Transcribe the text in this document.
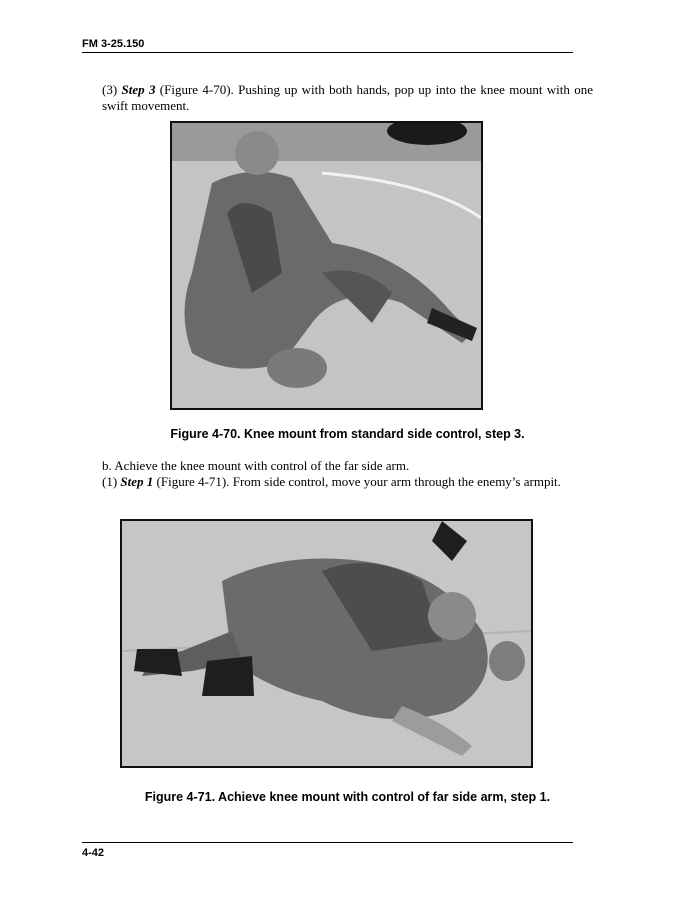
FM 3-25.150
(3) Step 3 (Figure 4-70). Pushing up with both hands, pop up into the knee mount with one swift movement.
Figure 4-70. Knee mount from standard side control, step 3.
b. Achieve the knee mount with control of the far side arm.
(1) Step 1 (Figure 4-71). From side control, move your arm through the enemy’s armpit.
Figure 4-71. Achieve knee mount with control of far side arm, step 1.
4-42
